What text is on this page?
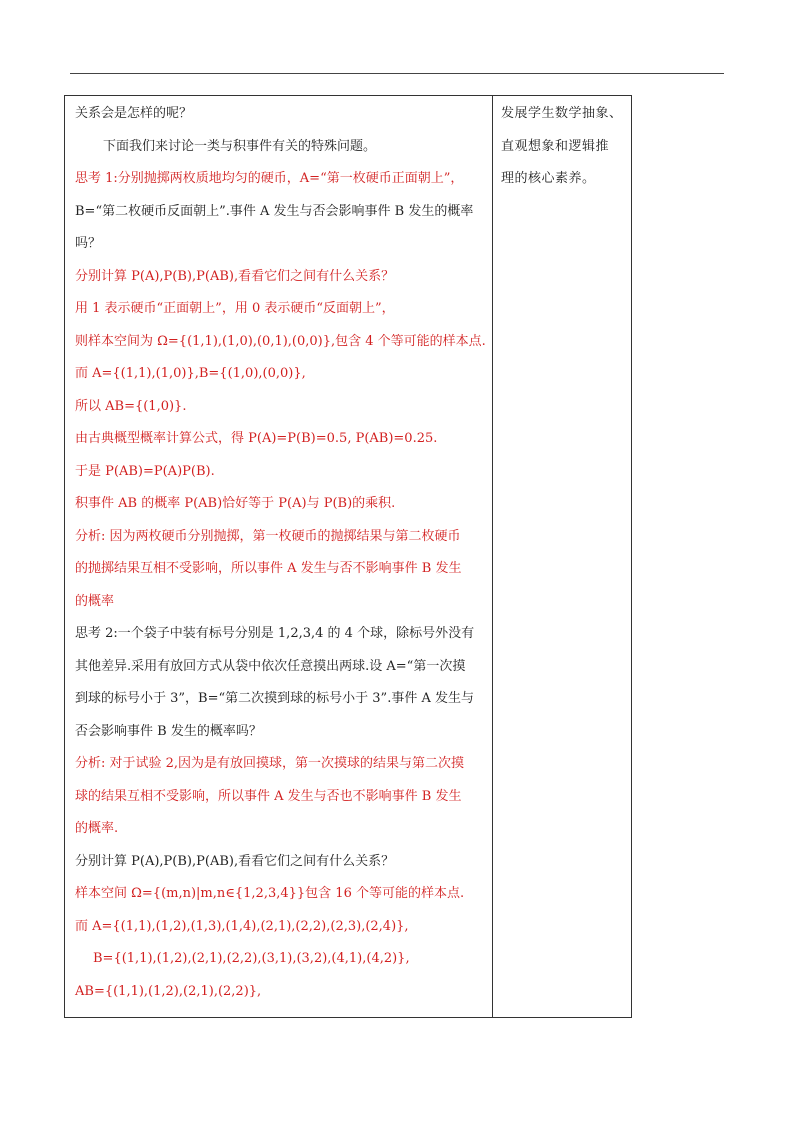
关系会是怎样的呢？
下面我们来讨论一类与积事件有关的特殊问题。
思考 1:分别抛掷两枚质地均匀的硬币，A=“第一枚硬币正面朝上”，
B=“第二枚硬币反面朝上”.事件 A 发生与否会影响事件 B 发生的概率
吗？
分别计算 P(A),P(B),P(AB),看看它们之间有什么关系？
用 1 表示硬币“正面朝上”，用 0 表示硬币“反面朝上”，
则样本空间为 Ω={(1,1),(1,0),(0,1),(0,0)},包含 4 个等可能的样本点.
而 A={(1,1),(1,0)},B={(1,0),(0,0)},
所以 AB={(1,0)}.
由古典概型概率计算公式，得 P(A)=P(B)=0.5, P(AB)=0.25.
于是 P(AB)=P(A)P(B).
积事件 AB 的概率 P(AB)恰好等于 P(A)与 P(B)的乘积.
分析: 因为两枚硬币分别抛掷，第一枚硬币的抛掷结果与第二枚硬币
的抛掷结果互相不受影响，所以事件 A 发生与否不影响事件 B 发生
的概率
思考 2:一个袋子中装有标号分别是 1,2,3,4 的 4 个球，除标号外没有
其他差异.采用有放回方式从袋中依次任意摸出两球.设 A=“第一次摸
到球的标号小于 3”，B=“第二次摸到球的标号小于 3”.事件 A 发生与
否会影响事件 B 发生的概率吗？
分析: 对于试验 2,因为是有放回摸球，第一次摸球的结果与第二次摸
球的结果互相不受影响，所以事件 A 发生与否也不影响事件 B 发生
的概率.
分别计算 P(A),P(B),P(AB),看看它们之间有什么关系？
样本空间 Ω={(m,n)|m,n∈{1,2,3,4}}包含 16 个等可能的样本点.
而 A={(1,1),(1,2),(1,3),(1,4),(2,1),(2,2),(2,3),(2,4)},
B={(1,1),(1,2),(2,1),(2,2),(3,1),(3,2),(4,1),(4,2)},
AB={(1,1),(1,2),(2,1),(2,2)},
发展学生数学抽象、
直观想象和逻辑推
理的核心素养。
